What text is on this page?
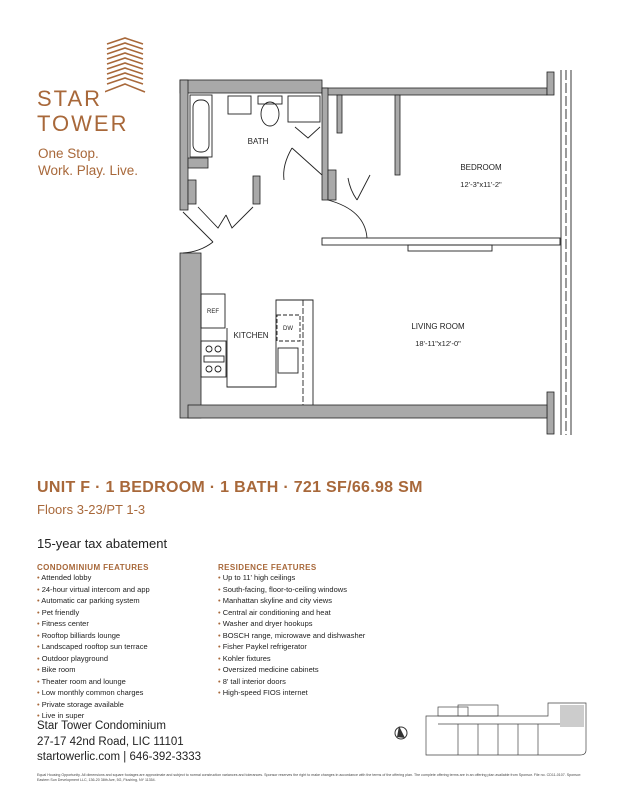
STAR
TOWER
One Stop.
Work. Play. Live.
BATH
BEDROOM
12'-3"x11'-2"
LIVING ROOM
18'-11"x12'-0"
KITCHEN
REF
DW
UNIT F · 1 BEDROOM · 1 BATH · 721 SF/66.98 SM
Floors 3-23/PT 1-3
15-year tax abatement
CONDOMINIUM FEATURES
• Attended lobby
• 24-hour virtual intercom and app
• Automatic car parking system
• Pet friendly
• Fitness center
• Rooftop billiards lounge
• Landscaped rooftop sun terrace
• Outdoor playground
• Bike room
• Theater room and lounge
• Low monthly common charges
• Private storage available
• Live in super
RESIDENCE FEATURES
• Up to 11' high ceilings
• South-facing, floor-to-ceiling windows
• Manhattan skyline and city views
• Central air conditioning and heat
• Washer and dryer hookups
• BOSCH range, microwave and dishwasher
• Fisher Paykel refrigerator
• Kohler fixtures
• Oversized medicine cabinets
• 8' tall interior doors
• High-speed FIOS internet
Star Tower Condominium
27-17 42nd Road, LIC 11101
startowerlic.com | 646-392-3333
Equal Housing Opportunity. All dimensions and square footages are approximate and subject to normal construction variances and tolerances. Sponsor reserves the right to make changes in accordance with the terms of the offering plan. The complete offering terms are in an offering plan available from Sponsor. File no. CD11-0107. Sponsor: Eastern Sun Development LLC, 136-20 38th Ave, 5G, Flushing, NY 11354.
